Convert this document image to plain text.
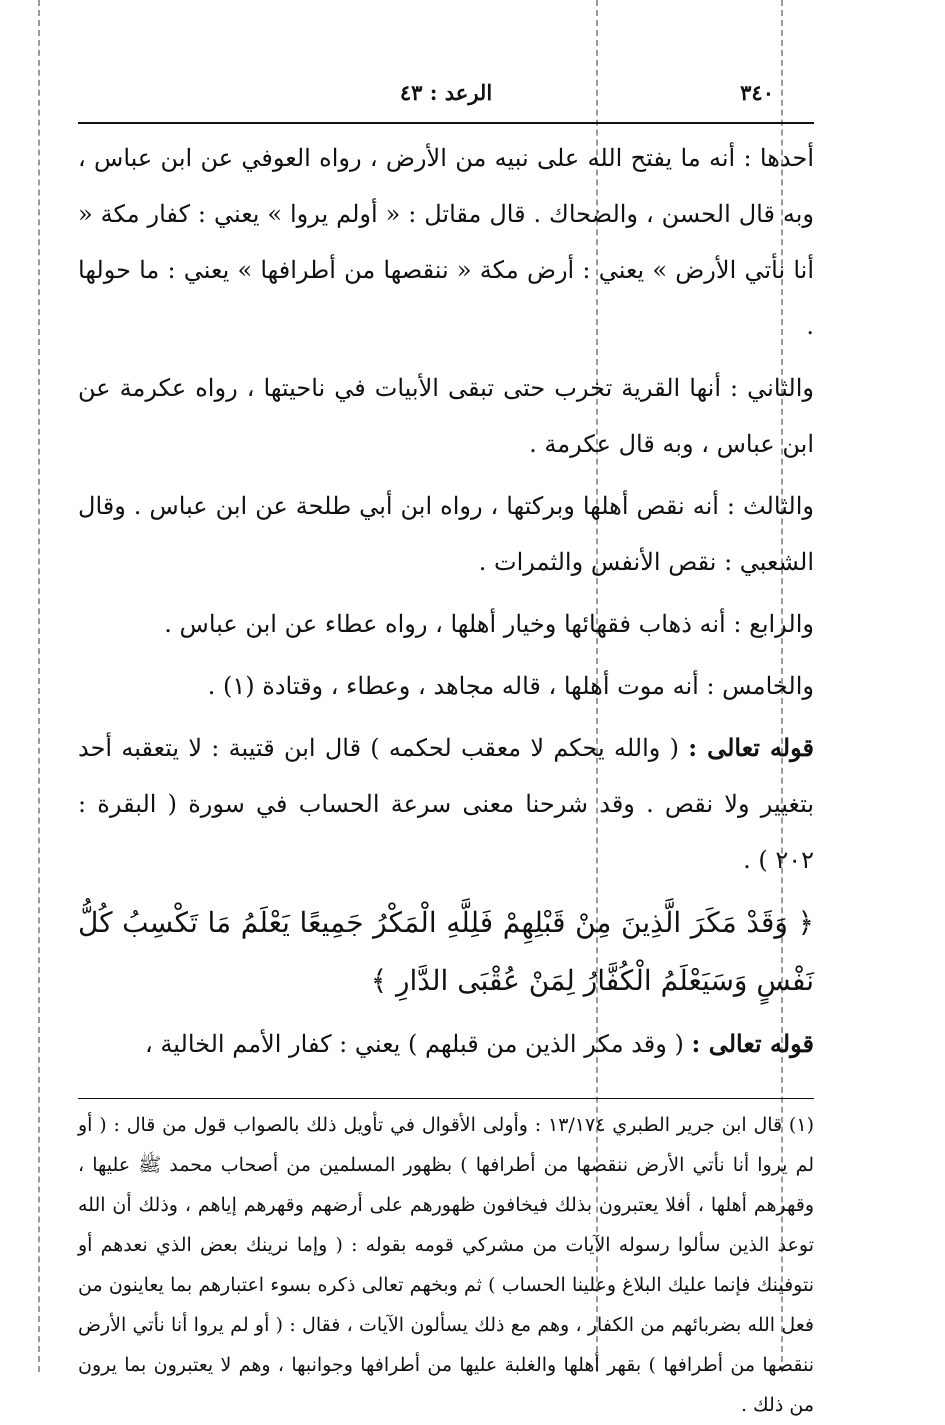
٣٤٠
الرعد : ٤٣

أحدها : أنه ما يفتح الله على نبيه من الأرض ، رواه العوفي عن ابن عباس ، وبه قال الحسن ، والضحاك . قال مقاتل : « أولم يروا » يعني : كفار مكة « أنا نأتي الأرض » يعني : أرض مكة « ننقصها من أطرافها » يعني : ما حولها .

والثاني : أنها القرية تخرب حتى تبقى الأبيات في ناحيتها ، رواه عكرمة عن ابن عباس ، وبه قال عكرمة .

والثالث : أنه نقص أهلها وبركتها ، رواه ابن أبي طلحة عن ابن عباس . وقال الشعبي : نقص الأنفس والثمرات .

والرابع : أنه ذهاب فقهائها وخيار أهلها ، رواه عطاء عن ابن عباس .

والخامس : أنه موت أهلها ، قاله مجاهد ، وعطاء ، وقتادة (١) .

قوله تعالى : ( والله يحكم لا معقب لحكمه ) قال ابن قتيبة : لا يتعقبه أحد بتغيير ولا نقص . وقد شرحنا معنى سرعة الحساب في سورة ( البقرة : ٢٠٢ ) .

﴿ وَقَدْ مَكَرَ الَّذِينَ مِنْ قَبْلِهِمْ فَلِلَّهِ الْمَكْرُ جَمِيعًا يَعْلَمُ مَا تَكْسِبُ كُلُّ نَفْسٍ وَسَيَعْلَمُ الْكُفَّارُ لِمَنْ عُقْبَى الدَّارِ ﴾

قوله تعالى : ( وقد مكر الذين من قبلهم ) يعني : كفار الأمم الخالية ،

(١) قال ابن جرير الطبري ١٣/١٧٤ : وأولى الأقوال في تأويل ذلك بالصواب قول من قال : ( أو لم يروا أنا نأتي الأرض ننقصها من أطرافها ) بظهور المسلمين من أصحاب محمد ﷺ عليها ، وقهرهم أهلها ، أفلا يعتبرون بذلك فيخافون ظهورهم على أرضهم وقهرهم إياهم ، وذلك أن الله توعد الذين سألوا رسوله الآيات من مشركي قومه بقوله : ( وإما نرينك بعض الذي نعدهم أو نتوفينك فإنما عليك البلاغ وعلينا الحساب ) ثم وبخهم تعالى ذكره بسوء اعتبارهم بما يعاينون من فعل الله بضربائهم من الكفار ، وهم مع ذلك يسألون الآيات ، فقال : ( أو لم يروا أنا نأتي الأرض ننقصها من أطرافها ) بقهر أهلها والغلبة عليها من أطرافها وجوانبها ، وهم لا يعتبرون بما يرون من ذلك .
